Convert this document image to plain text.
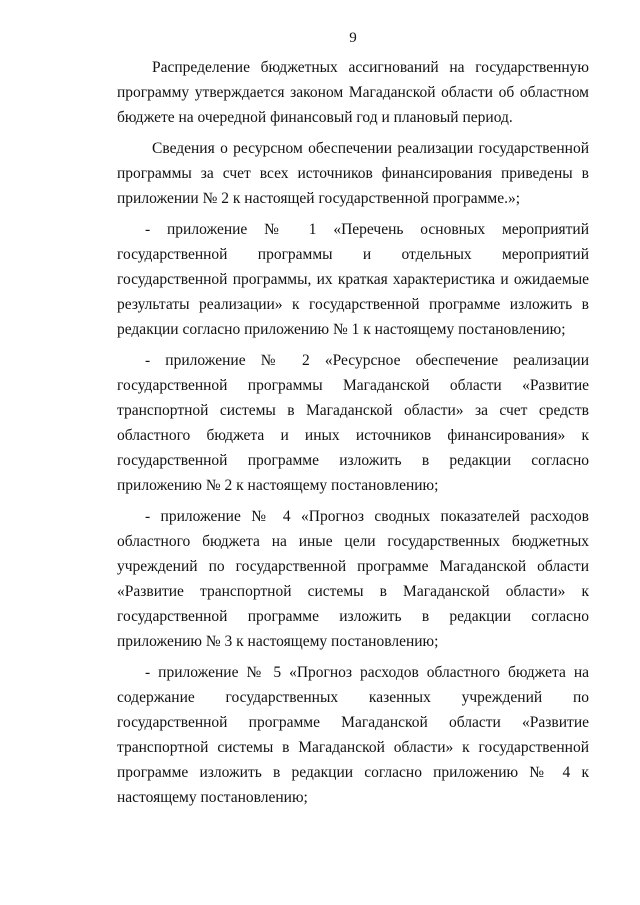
9

Распределение бюджетных ассигнований на государственную программу утверждается законом Магаданской области об областном бюджете на очередной финансовый год и плановый период.

Сведения о ресурсном обеспечении реализации государственной программы за счет всех источников финансирования приведены в приложении № 2 к настоящей государственной программе.»;

- приложение № 1 «Перечень основных мероприятий государственной программы и отдельных мероприятий государственной программы, их краткая характеристика и ожидаемые результаты реализации» к государственной программе изложить в редакции согласно приложению № 1 к настоящему постановлению;

- приложение № 2 «Ресурсное обеспечение реализации государственной программы Магаданской области «Развитие транспортной системы в Магаданской области» за счет средств областного бюджета и иных источников финансирования» к государственной программе изложить в редакции согласно приложению № 2 к настоящему постановлению;

- приложение № 4 «Прогноз сводных показателей расходов областного бюджета на иные цели государственных бюджетных учреждений по государственной программе Магаданской области «Развитие транспортной системы в Магаданской области» к государственной программе изложить в редакции согласно приложению № 3 к настоящему постановлению;

- приложение № 5 «Прогноз расходов областного бюджета на содержание государственных казенных учреждений по государственной программе Магаданской области «Развитие транспортной системы в Магаданской области» к государственной программе изложить в редакции согласно приложению № 4 к настоящему постановлению;
